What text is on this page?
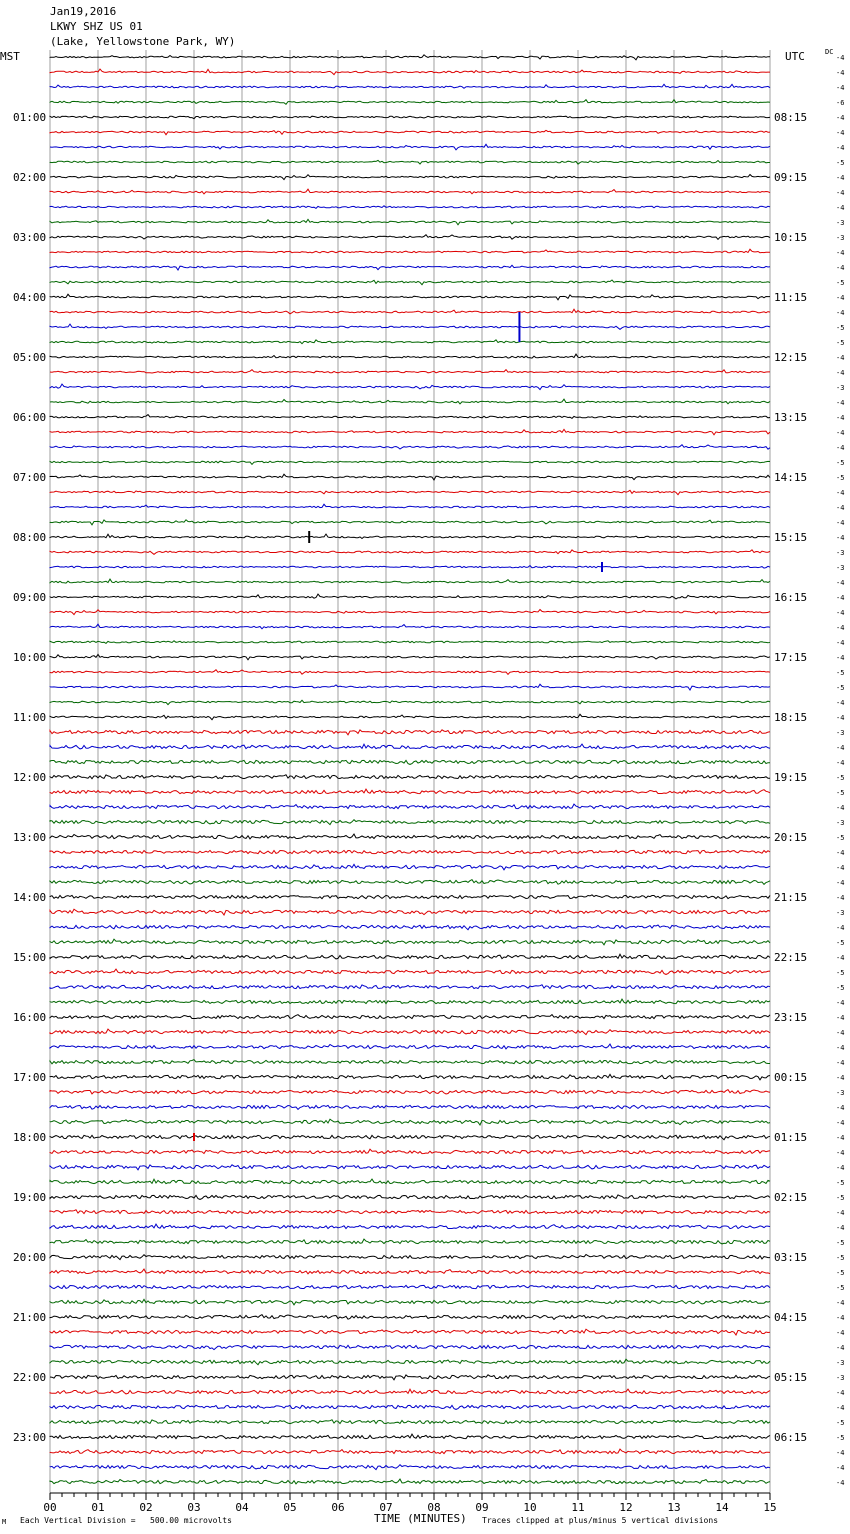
Jan19,2016
LKWY SHZ US 01
(Lake, Yellowstone Park, WY)
MST	UTC	DC
01:00
02:00
03:00
04:00
05:00
06:00
07:00
08:00
09:00
10:00
11:00
12:00
13:00
14:00
15:00
16:00
17:00
18:00
19:00
20:00
21:00
22:00
23:00
08:15
09:15
10:15
11:15
12:15
13:15
14:15
15:15
16:15
17:15
18:15
19:15
20:15
21:15
22:15
23:15
00:15
01:15
02:15
03:15
04:15
05:15
06:15
-4
-4
-4
-6
-4
-4
-4
-5
-4
-4
-4
-3
-3
-4
-4
-5
-4
-4
-5
-5
-4
-4
-3
-4
-4
-4
-4
-5
-5
-4
-4
-4
-4
-3
-3
-4
-4
-4
-4
-4
-4
-5
-5
-4
-4
-3
-4
-4
-5
-5
-4
-3
-5
-4
-4
-4
-4
-3
-4
-5
-4
-5
-5
-4
-4
-4
-4
-4
-4
-3
-4
-4
-4
-4
-4
-5
-5
-4
-4
-5
-5
-5
-5
-4
-4
-4
-4
-3
-3
-4
-4
-5
-5
-4
-4
-4
00	01	02	03	04	05	06	07	08	09	10	11	12	13	14	15
M Each Vertical Division =   500.00 microvolts	TIME (MINUTES) Traces clipped at plus/minus 5 vertical divisions
